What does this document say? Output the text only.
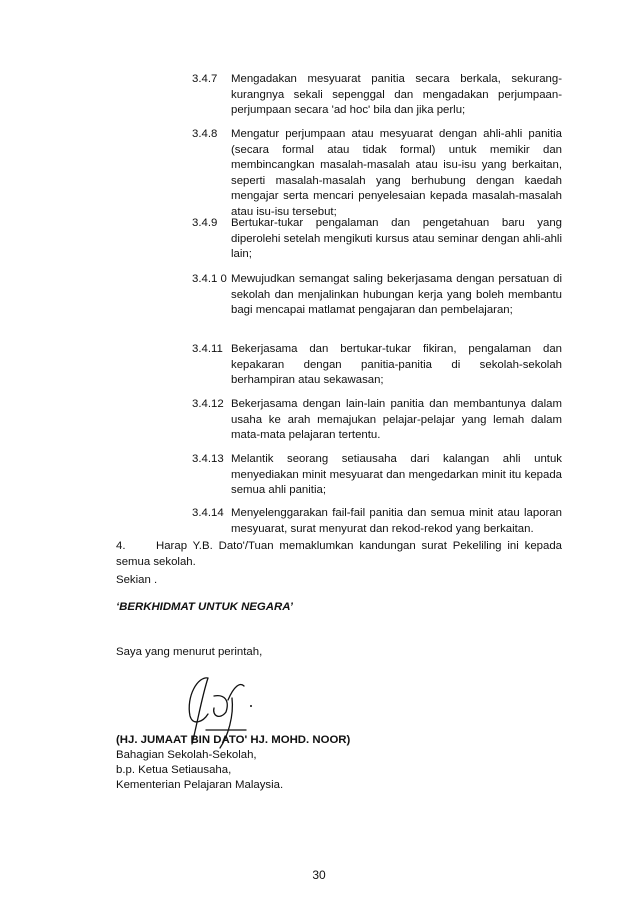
3.4.7	Mengadakan mesyuarat panitia secara berkala, sekurang-kurangnya sekali sepenggal dan mengadakan perjumpaan-perjumpaan secara 'ad hoc' bila dan jika perlu;
3.4.8	Mengatur perjumpaan atau mesyuarat dengan ahli-ahli panitia (secara formal atau tidak formal) untuk memikir dan membincangkan masalah-masalah atau isu-isu yang berkaitan, seperti masalah-masalah yang berhubung dengan kaedah mengajar serta mencari penyelesaian kepada masalah-masalah atau isu-isu tersebut;
3.4.9	Bertukar-tukar pengalaman dan pengetahuan baru yang diperolehi setelah mengikuti kursus atau seminar dengan ahli-ahli lain;
3.4.1 0 Mewujudkan semangat saling bekerjasama dengan persatuan di sekolah dan menjalinkan hubungan kerja yang boleh membantu bagi mencapai matlamat pengajaran dan pembelajaran;
3.4.11 Bekerjasama dan bertukar-tukar fikiran, pengalaman dan kepakaran dengan panitia-panitia di sekolah-sekolah berhampiran atau sekawasan;
3.4.12 Bekerjasama dengan lain-lain panitia dan membantunya dalam usaha ke arah memajukan pelajar-pelajar yang lemah dalam mata-mata pelajaran tertentu.
3.4.13 Melantik seorang setiausaha dari kalangan ahli untuk menyediakan minit mesyuarat dan mengedarkan minit itu kepada semua ahli panitia;
3.4.14 Menyelenggarakan fail-fail panitia dan semua minit atau laporan mesyuarat, surat menyurat dan rekod-rekod yang berkaitan.
4.	Harap Y.B. Dato'/Tuan memaklumkan kandungan surat Pekeliling ini kepada semua sekolah.
Sekian .
‘BERKHIDMAT UNTUK NEGARA’
Saya yang menurut perintah,
(HJ. JUMAAT BIN DATO' HJ. MOHD. NOOR)
Bahagian Sekolah-Sekolah,
b.p. Ketua Setiausaha,
Kementerian Pelajaran Malaysia.
30
